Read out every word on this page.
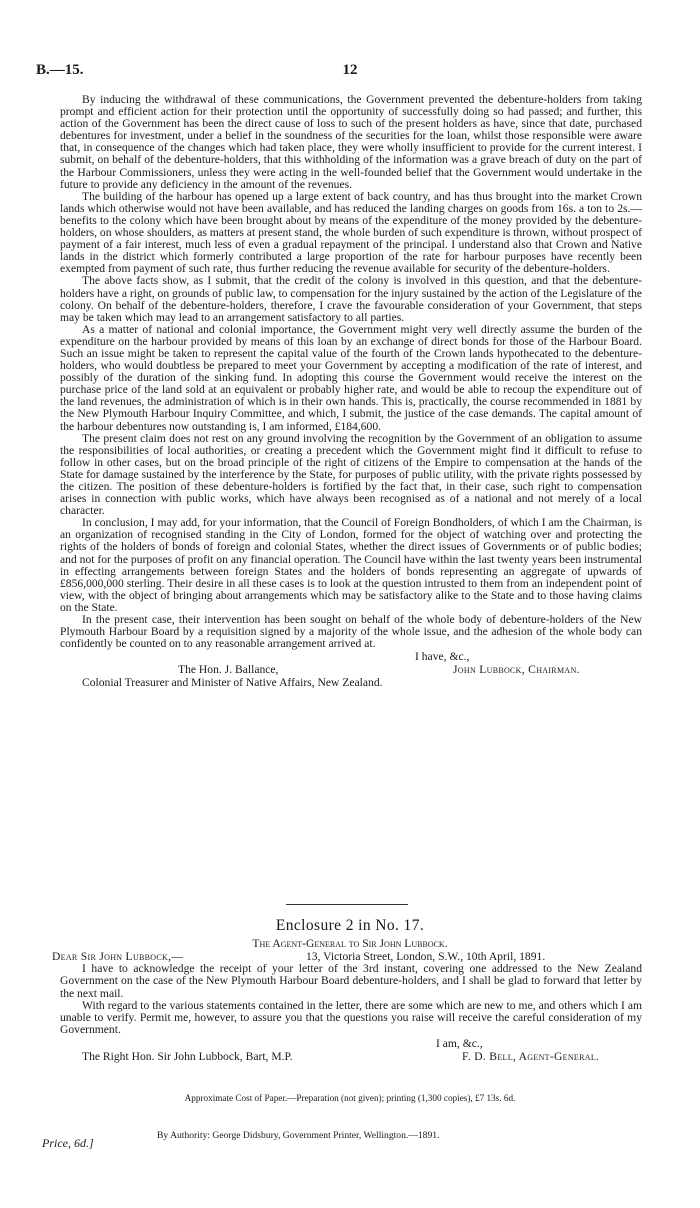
B.—15.	12

By inducing the withdrawal of these communications, the Government prevented the debenture-holders from taking prompt and efficient action for their protection until the opportunity of successfully doing so had passed; and further, this action of the Government has been the direct cause of loss to such of the present holders as have, since that date, purchased debentures for investment, under a belief in the soundness of the securities for the loan, whilst those responsible were aware that, in consequence of the changes which had taken place, they were wholly insufficient to provide for the current interest. I submit, on behalf of the debenture-holders, that this withholding of the information was a grave breach of duty on the part of the Harbour Commissioners, unless they were acting in the well-founded belief that the Government would undertake in the future to provide any deficiency in the amount of the revenues.

The building of the harbour has opened up a large extent of back country, and has thus brought into the market Crown lands which otherwise would not have been available, and has reduced the landing charges on goods from 16s. a ton to 2s.—benefits to the colony which have been brought about by means of the expenditure of the money provided by the debenture-holders, on whose shoulders, as matters at present stand, the whole burden of such expenditure is thrown, without prospect of payment of a fair interest, much less of even a gradual repayment of the principal. I understand also that Crown and Native lands in the district which formerly contributed a large proportion of the rate for harbour purposes have recently been exempted from payment of such rate, thus further reducing the revenue available for security of the debenture-holders.

The above facts show, as I submit, that the credit of the colony is involved in this question, and that the debenture-holders have a right, on grounds of public law, to compensation for the injury sustained by the action of the Legislature of the colony. On behalf of the debenture-holders, therefore, I crave the favourable consideration of your Government, that steps may be taken which may lead to an arrangement satisfactory to all parties.

As a matter of national and colonial importance, the Government might very well directly assume the burden of the expenditure on the harbour provided by means of this loan by an exchange of direct bonds for those of the Harbour Board. Such an issue might be taken to represent the capital value of the fourth of the Crown lands hypothecated to the debenture-holders, who would doubtless be prepared to meet your Government by accepting a modification of the rate of interest, and possibly of the duration of the sinking fund. In adopting this course the Government would receive the interest on the purchase price of the land sold at an equivalent or probably higher rate, and would be able to recoup the expenditure out of the land revenues, the administration of which is in their own hands. This is, practically, the course recommended in 1881 by the New Plymouth Harbour Inquiry Committee, and which, I submit, the justice of the case demands. The capital amount of the harbour debentures now outstanding is, I am informed, £184,600.

The present claim does not rest on any ground involving the recognition by the Government of an obligation to assume the responsibilities of local authorities, or creating a precedent which the Government might find it difficult to refuse to follow in other cases, but on the broad principle of the right of citizens of the Empire to compensation at the hands of the State for damage sustained by the interference by the State, for purposes of public utility, with the private rights possessed by the citizen. The position of these debenture-holders is fortified by the fact that, in their case, such right to compensation arises in connection with public works, which have always been recognised as of a national and not merely of a local character.

In conclusion, I may add, for your information, that the Council of Foreign Bondholders, of which I am the Chairman, is an organization of recognised standing in the City of London, formed for the object of watching over and protecting the rights of the holders of bonds of foreign and colonial States, whether the direct issues of Governments or of public bodies; and not for the purposes of profit on any financial operation. The Council have within the last twenty years been instrumental in effecting arrangements between foreign States and the holders of bonds representing an aggregate of upwards of £856,000,000 sterling. Their desire in all these cases is to look at the question intrusted to them from an independent point of view, with the object of bringing about arrangements which may be satisfactory alike to the State and to those having claims on the State.

In the present case, their intervention has been sought on behalf of the whole body of debenture-holders of the New Plymouth Harbour Board by a requisition signed by a majority of the whole issue, and the adhesion of the whole body can confidently be counted on to any reasonable arrangement arrived at.

I have, &c.,
The Hon. J. Ballance,	John Lubbock, Chairman.
Colonial Treasurer and Minister of Native Affairs, New Zealand.
Enclosure 2 in No. 17.
The Agent-General to Sir John Lubbock.
Dear Sir John Lubbock,—	13, Victoria Street, London, S.W., 10th April, 1891.

I have to acknowledge the receipt of your letter of the 3rd instant, covering one addressed to the New Zealand Government on the case of the New Plymouth Harbour Board debenture-holders, and I shall be glad to forward that letter by the next mail.

With regard to the various statements contained in the letter, there are some which are new to me, and others which I am unable to verify. Permit me, however, to assure you that the questions you raise will receive the careful consideration of my Government.

I am, &c.,
The Right Hon. Sir John Lubbock, Bart, M.P.	F. D. Bell, Agent-General.
Approximate Cost of Paper.—Preparation (not given); printing (1,300 copies), £7 13s. 6d.
Price, 6d.]
By Authority: George Didsbury, Government Printer, Wellington.—1891.
